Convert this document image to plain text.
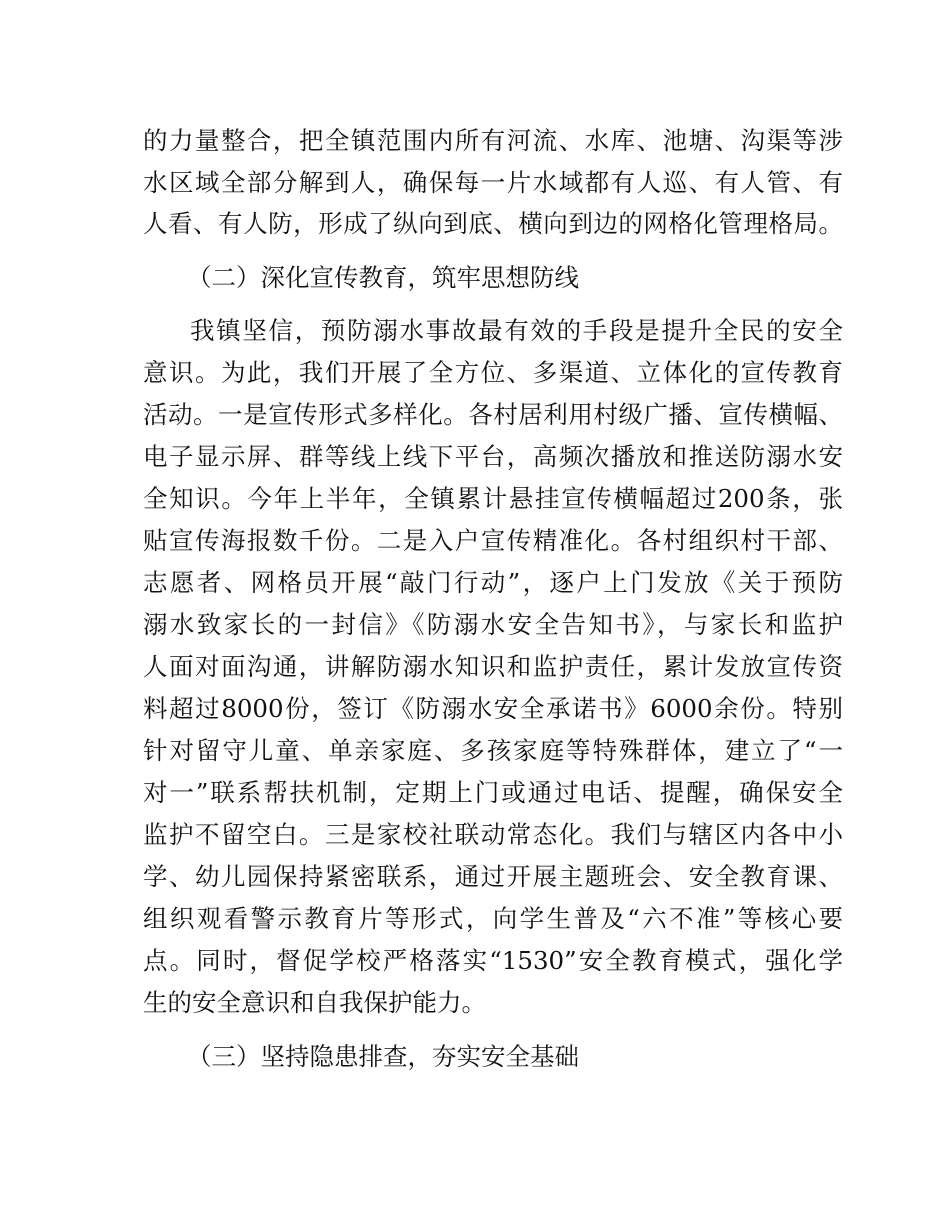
的力量整合，把全镇范围内所有河流、水库、池塘、沟渠等涉
水区域全部分解到人，确保每一片水域都有人巡、有人管、有
人看、有人防，形成了纵向到底、横向到边的网格化管理格局。
（二）深化宣传教育，筑牢思想防线
我镇坚信，预防溺水事故最有效的手段是提升全民的安全
意识。为此，我们开展了全方位、多渠道、立体化的宣传教育
活动。一是宣传形式多样化。各村居利用村级广播、宣传横幅、
电子显示屏、群等线上线下平台，高频次播放和推送防溺水安
全知识。今年上半年，全镇累计悬挂宣传横幅超过200条，张
贴宣传海报数千份。二是入户宣传精准化。各村组织村干部、
志愿者、网格员开展“敲门行动”，逐户上门发放《关于预防
溺水致家长的一封信》《防溺水安全告知书》，与家长和监护
人面对面沟通，讲解防溺水知识和监护责任，累计发放宣传资
料超过8000份，签订《防溺水安全承诺书》6000余份。特别
针对留守儿童、单亲家庭、多孩家庭等特殊群体，建立了“一
对一”联系帮扶机制，定期上门或通过电话、提醒，确保安全
监护不留空白。三是家校社联动常态化。我们与辖区内各中小
学、幼儿园保持紧密联系，通过开展主题班会、安全教育课、
组织观看警示教育片等形式，向学生普及“六不准”等核心要
点。同时，督促学校严格落实“1530”安全教育模式，强化学
生的安全意识和自我保护能力。
（三）坚持隐患排查，夯实安全基础
